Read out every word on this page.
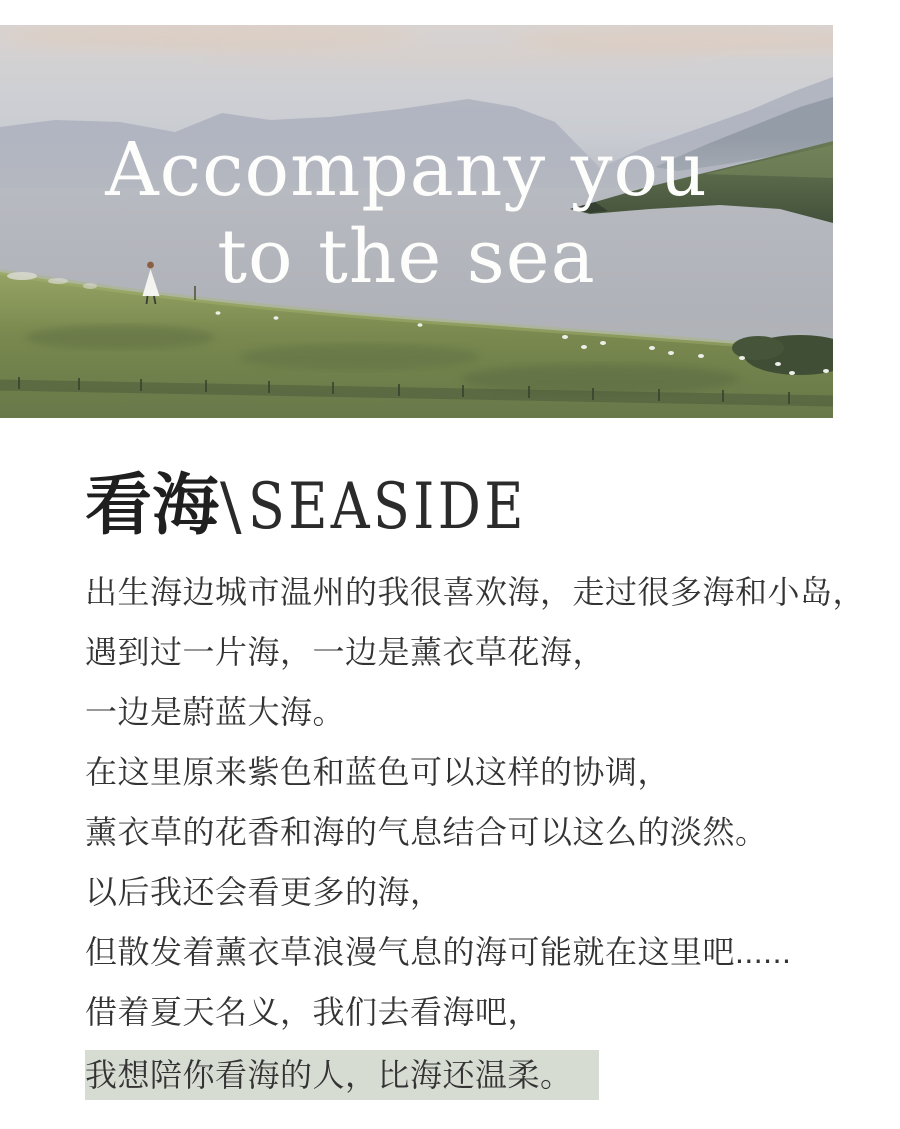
Accompany you
to the sea
看海 \ SEASIDE
出生海边城市温州的我很喜欢海，走过很多海和小岛，
遇到过一片海，一边是薰衣草花海，
一边是蔚蓝大海。
在这里原来紫色和蓝色可以这样的协调，
薰衣草的花香和海的气息结合可以这么的淡然。
以后我还会看更多的海，
但散发着薰衣草浪漫气息的海可能就在这里吧......
借着夏天名义，我们去看海吧，
我想陪你看海的人，比海还温柔。
